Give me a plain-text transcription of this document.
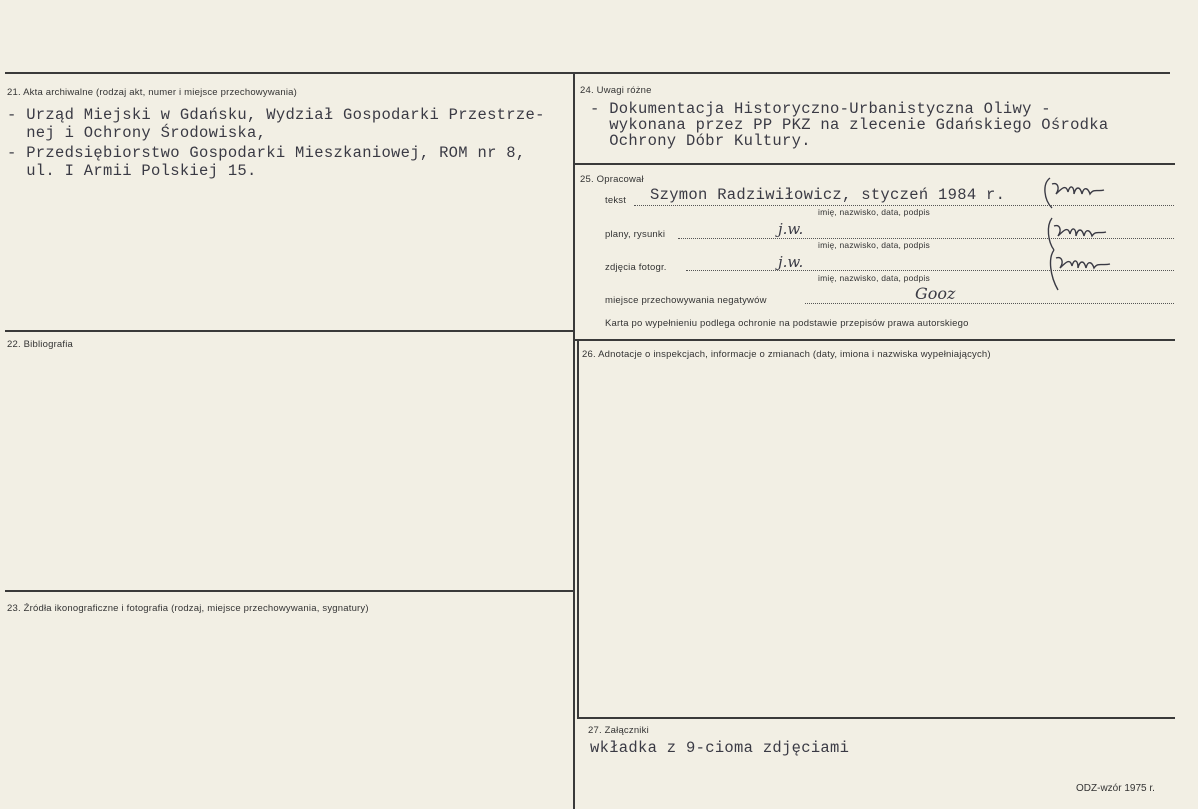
21. Akta archiwalne (rodzaj akt, numer i miejsce przechowywania)
- Urząd Miejski w Gdańsku, Wydział Gospodarki Przestrze-
nej i Ochrony Środowiska,
- Przedsiębiorstwo Gospodarki Mieszkaniowej, ROM nr 8,
ul. I Armii Polskiej 15.
22. Bibliografia
23. Źródła ikonograficzne i fotografia (rodzaj, miejsce przechowywania, sygnatury)
24. Uwagi różne
- Dokumentacja Historyczno-Urbanistyczna Oliwy -
wykonana przez PP PKZ na zlecenie Gdańskiego Ośrodka
Ochrony Dóbr Kultury.
25. Opracował
tekst Szymon Radziwiłowicz, styczeń 1984 r.
imię, nazwisko, data, podpis
plany, rysunki	j.w.
imię, nazwisko, data, podpis
zdjęcia fotogr.	j.w.
imię, nazwisko, data, podpis
miejsce przechowywania negatywów	Gooz
Karta po wypełnieniu podlega ochronie na podstawie przepisów prawa autorskiego
26. Adnotacje o inspekcjach, informacje o zmianach (daty, imiona i nazwiska wypełniających)
27. Załączniki
wkładka z 9-cioma zdjęciami
ODZ-wzór 1975 r.
